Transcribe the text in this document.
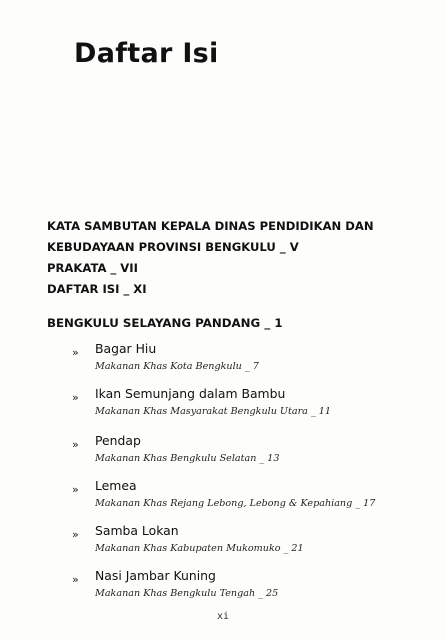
Daftar Isi
KATA SAMBUTAN KEPALA DINAS PENDIDIKAN DAN
KEBUDAYAAN PROVINSI BENGKULU _ V
PRAKATA _ VII
DAFTAR ISI _ XI
BENGKULU SELAYANG PANDANG _ 1
» Bagar Hiu
Makanan Khas Kota Bengkulu _ 7
» Ikan Semunjang dalam Bambu
Makanan Khas Masyarakat Bengkulu Utara _ 11
» Pendap
Makanan Khas Bengkulu Selatan _ 13
» Lemea
Makanan Khas Rejang Lebong, Lebong & Kepahiang _ 17
» Samba Lokan
Makanan Khas Kabupaten Mukomuko _ 21
» Nasi Jambar Kuning
Makanan Khas Bengkulu Tengah _ 25
xi
